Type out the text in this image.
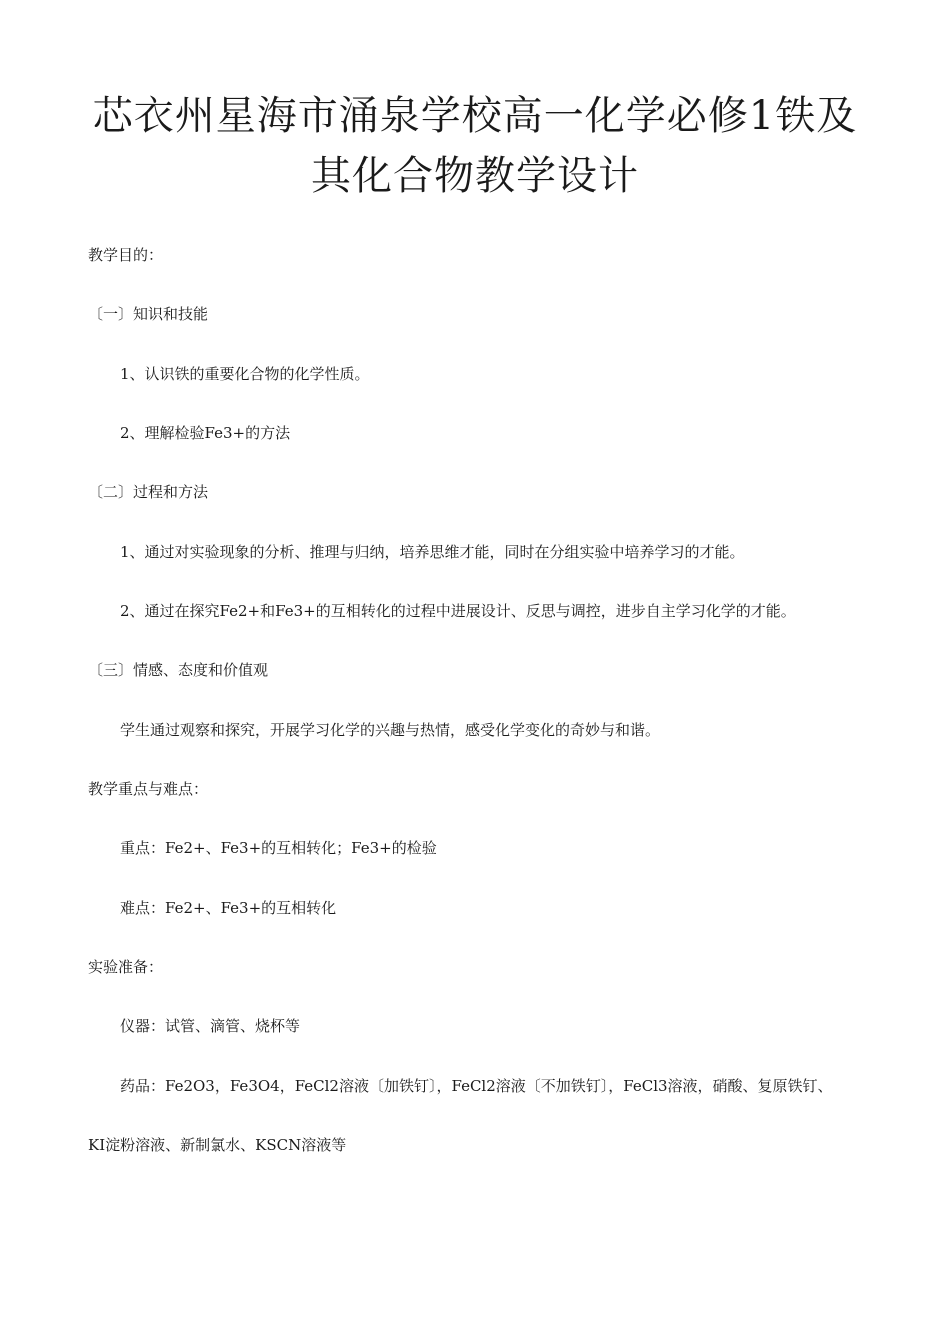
芯衣州星海市涌泉学校高一化学必修1铁及
其化合物教学设计

教学目的：

〔一〕知识和技能

1、认识铁的重要化合物的化学性质。

2、理解检验Fe3+的方法

〔二〕过程和方法

1、通过对实验现象的分析、推理与归纳，培养思维才能，同时在分组实验中培养学习的才能。

2、通过在探究Fe2+和Fe3+的互相转化的过程中进展设计、反思与调控，进步自主学习化学的才能。

〔三〕情感、态度和价值观

学生通过观察和探究，开展学习化学的兴趣与热情，感受化学变化的奇妙与和谐。

教学重点与难点：

重点：Fe2+、Fe3+的互相转化；Fe3+的检验

难点：Fe2+、Fe3+的互相转化

实验准备：

仪器：试管、滴管、烧杯等

药品：Fe2O3，Fe3O4，FeCl2溶液〔加铁钉〕，FeCl2溶液〔不加铁钉〕，FeCl3溶液，硝酸、复原铁钉、

KI淀粉溶液、新制氯水、KSCN溶液等
